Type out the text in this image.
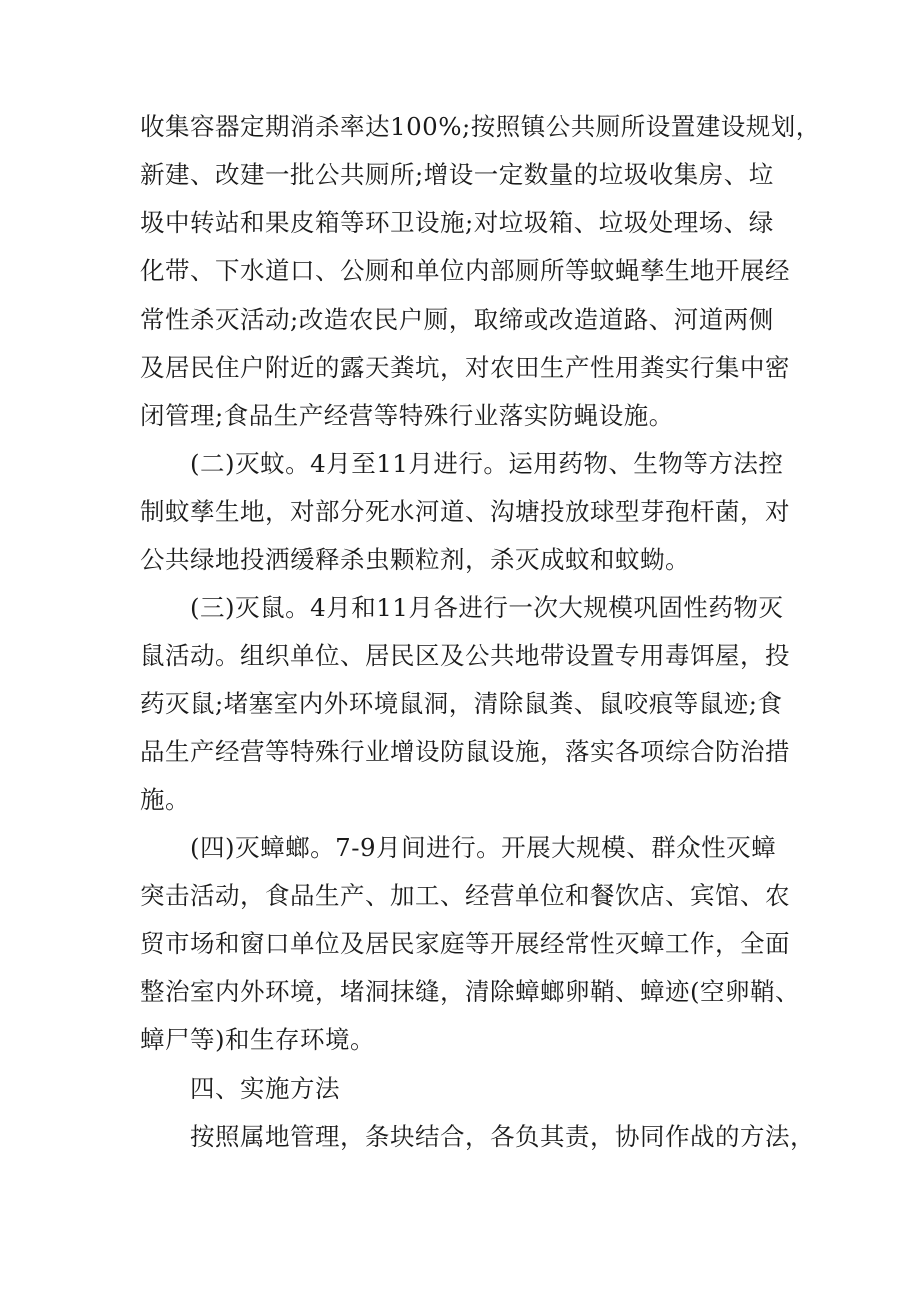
收集容器定期消杀率达100%;按照镇公共厕所设置建设规划，
新建、改建一批公共厕所;增设一定数量的垃圾收集房、垃
圾中转站和果皮箱等环卫设施;对垃圾箱、垃圾处理场、绿
化带、下水道口、公厕和单位内部厕所等蚊蝇孳生地开展经
常性杀灭活动;改造农民户厕，取缔或改造道路、河道两侧
及居民住户附近的露天粪坑，对农田生产性用粪实行集中密
闭管理;食品生产经营等特殊行业落实防蝇设施。
(二)灭蚊。4月至11月进行。运用药物、生物等方法控
制蚊孳生地，对部分死水河道、沟塘投放球型芽孢杆菌，对
公共绿地投洒缓释杀虫颗粒剂，杀灭成蚊和蚊蚴。
(三)灭鼠。4月和11月各进行一次大规模巩固性药物灭
鼠活动。组织单位、居民区及公共地带设置专用毒饵屋，投
药灭鼠;堵塞室内外环境鼠洞，清除鼠粪、鼠咬痕等鼠迹;食
品生产经营等特殊行业增设防鼠设施，落实各项综合防治措
施。
(四)灭蟑螂。7-9月间进行。开展大规模、群众性灭蟑
突击活动，食品生产、加工、经营单位和餐饮店、宾馆、农
贸市场和窗口单位及居民家庭等开展经常性灭蟑工作，全面
整治室内外环境，堵洞抹缝，清除蟑螂卵鞘、蟑迹(空卵鞘、
蟑尸等)和生存环境。
四、实施方法
按照属地管理，条块结合，各负其责，协同作战的方法，
